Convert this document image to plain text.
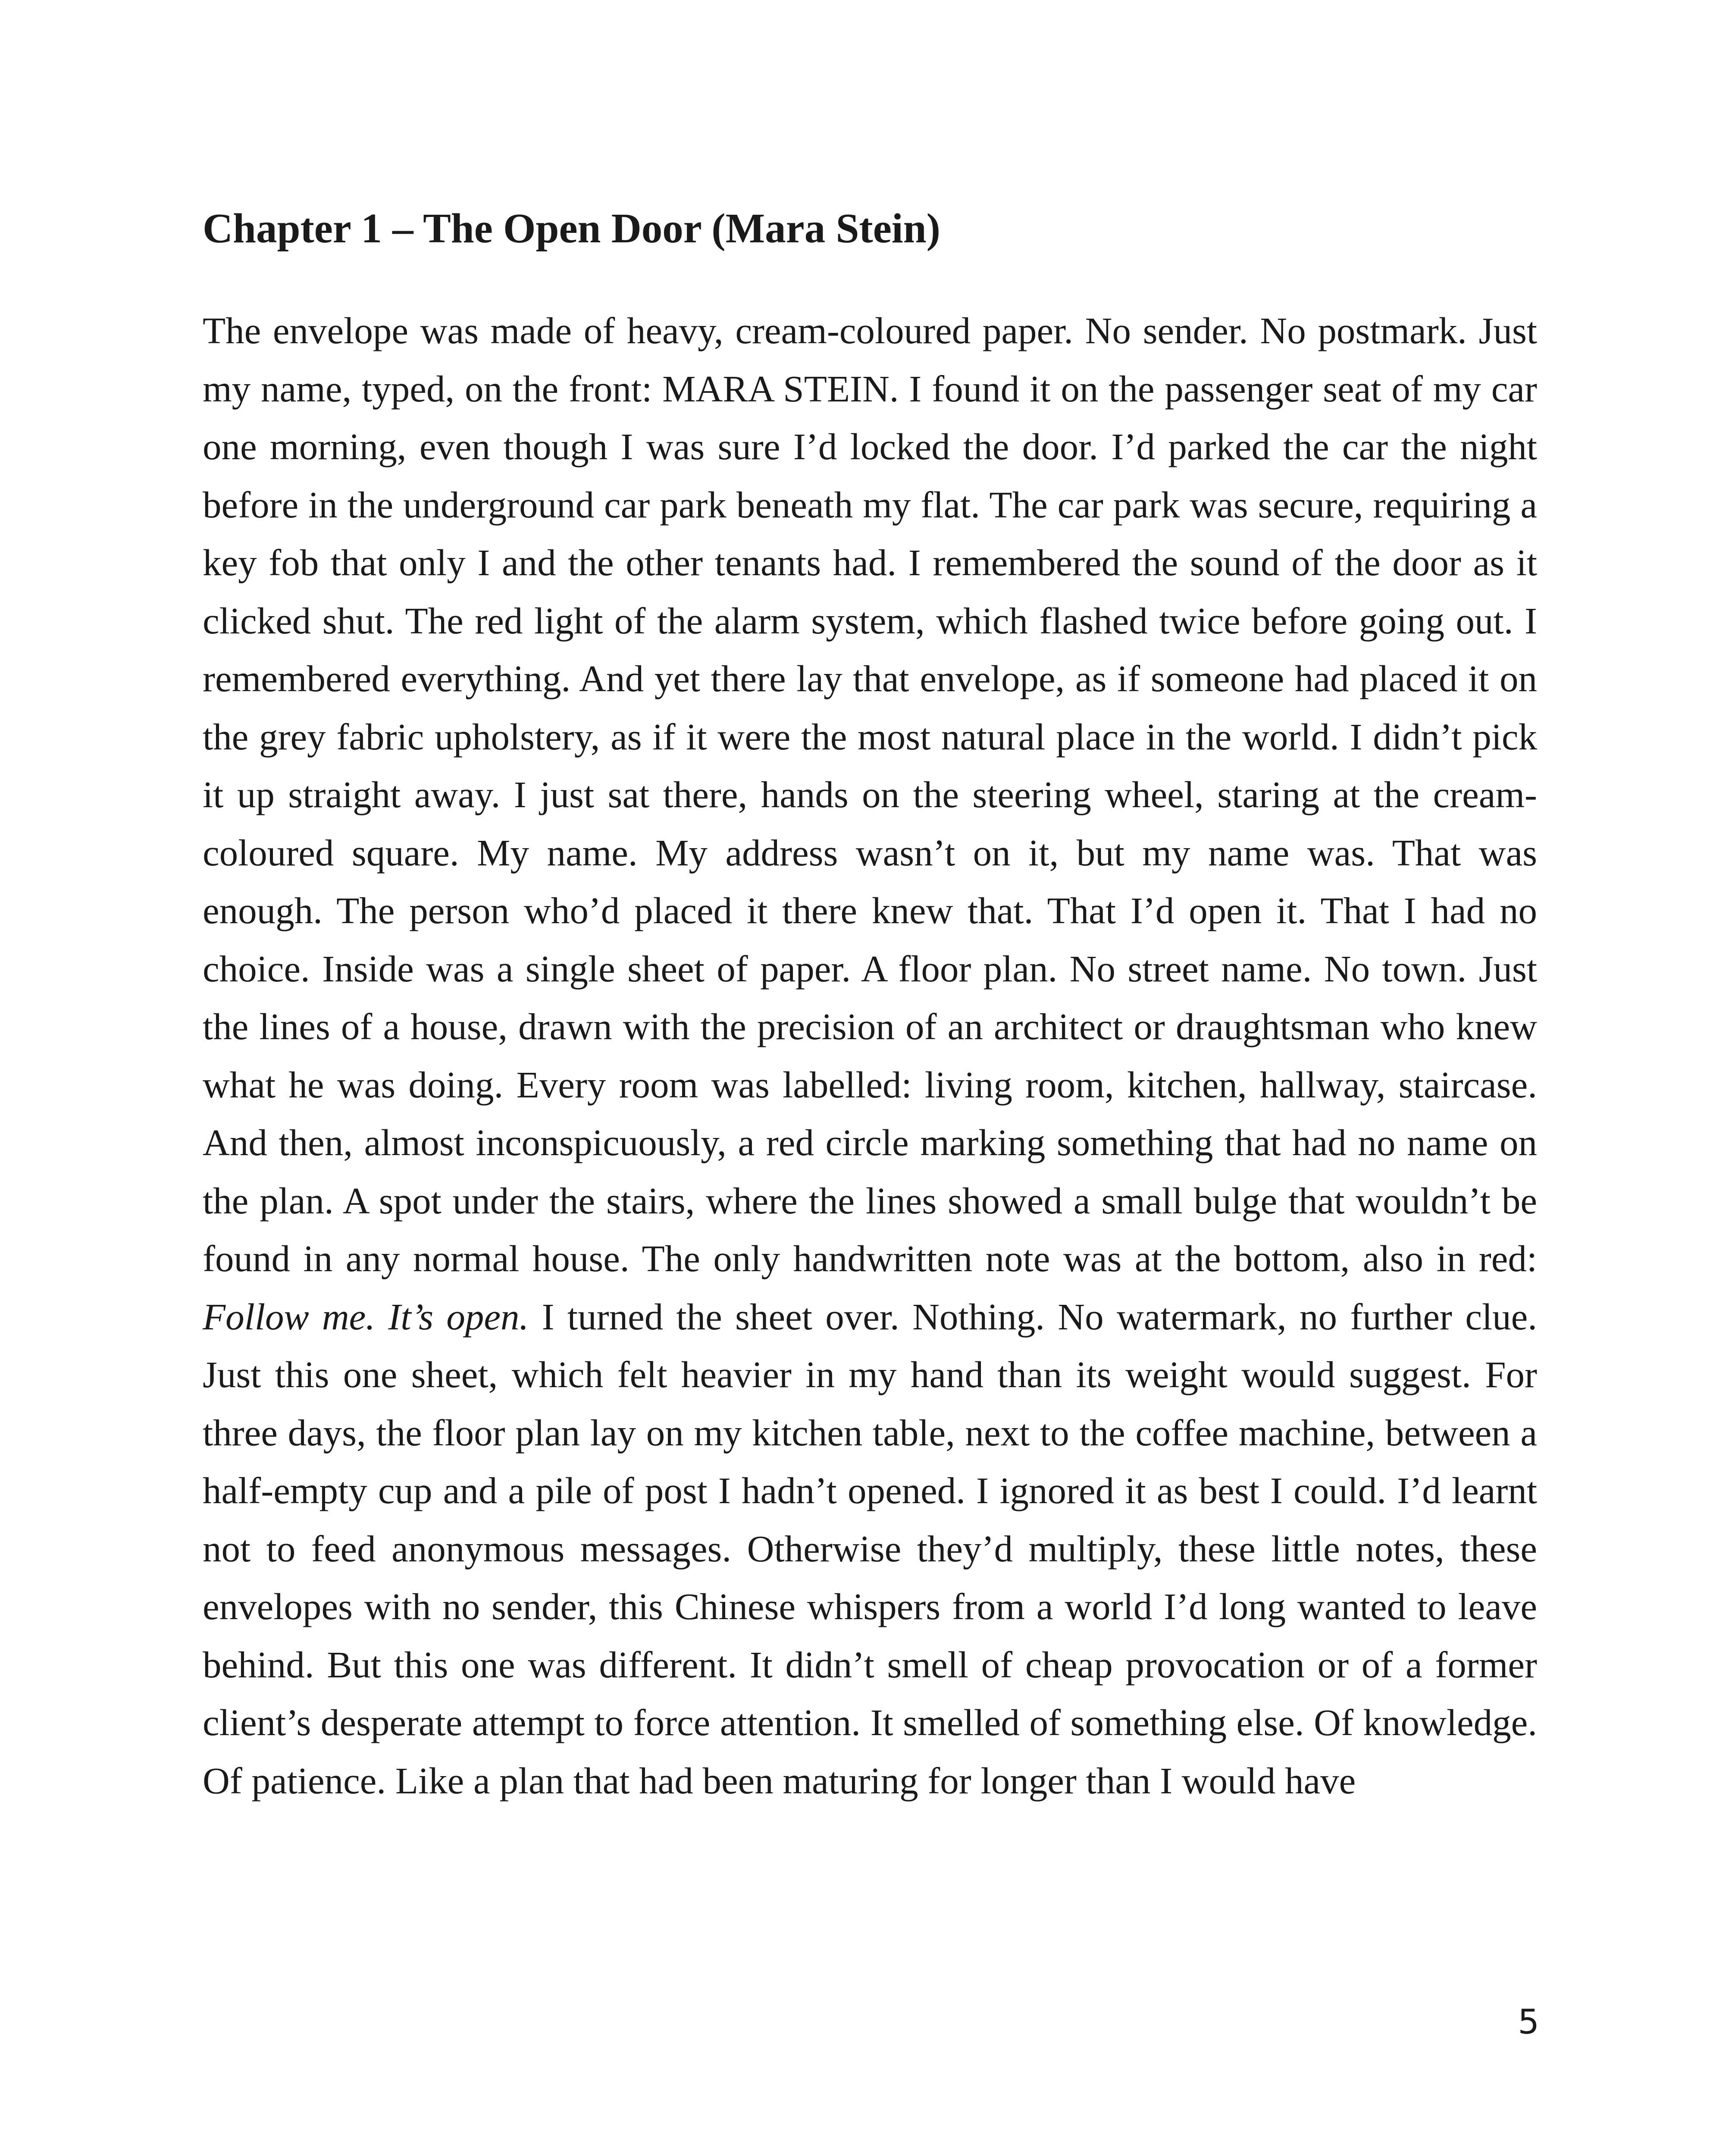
Chapter 1 – The Open Door (Mara Stein)

The envelope was made of heavy, cream-coloured paper. No sender. No postmark. Just my name, typed, on the front: MARA STEIN. I found it on the passenger seat of my car one morning, even though I was sure I’d locked the door. I’d parked the car the night before in the underground car park beneath my flat. The car park was secure, requiring a key fob that only I and the other tenants had. I remembered the sound of the door as it clicked shut. The red light of the alarm system, which flashed twice before going out. I remembered everything. And yet there lay that envelope, as if someone had placed it on the grey fabric upholstery, as if it were the most natural place in the world. I didn’t pick it up straight away. I just sat there, hands on the steering wheel, staring at the cream-coloured square. My name. My address wasn’t on it, but my name was. That was enough. The person who’d placed it there knew that. That I’d open it. That I had no choice. Inside was a single sheet of paper. A floor plan. No street name. No town. Just the lines of a house, drawn with the precision of an architect or draughtsman who knew what he was doing. Every room was labelled: living room, kitchen, hallway, staircase. And then, almost inconspicuously, a red circle marking something that had no name on the plan. A spot under the stairs, where the lines showed a small bulge that wouldn’t be found in any normal house. The only handwritten note was at the bottom, also in red: Follow me. It’s open. I turned the sheet over. Nothing. No watermark, no further clue. Just this one sheet, which felt heavier in my hand than its weight would suggest. For three days, the floor plan lay on my kitchen table, next to the coffee machine, between a half-empty cup and a pile of post I hadn’t opened. I ignored it as best I could. I’d learnt not to feed anonymous messages. Otherwise they’d multiply, these little notes, these envelopes with no sender, this Chinese whispers from a world I’d long wanted to leave behind. But this one was different. It didn’t smell of cheap provocation or of a former client’s desperate attempt to force attention. It smelled of something else. Of knowledge. Of patience. Like a plan that had been maturing for longer than I would have

5
